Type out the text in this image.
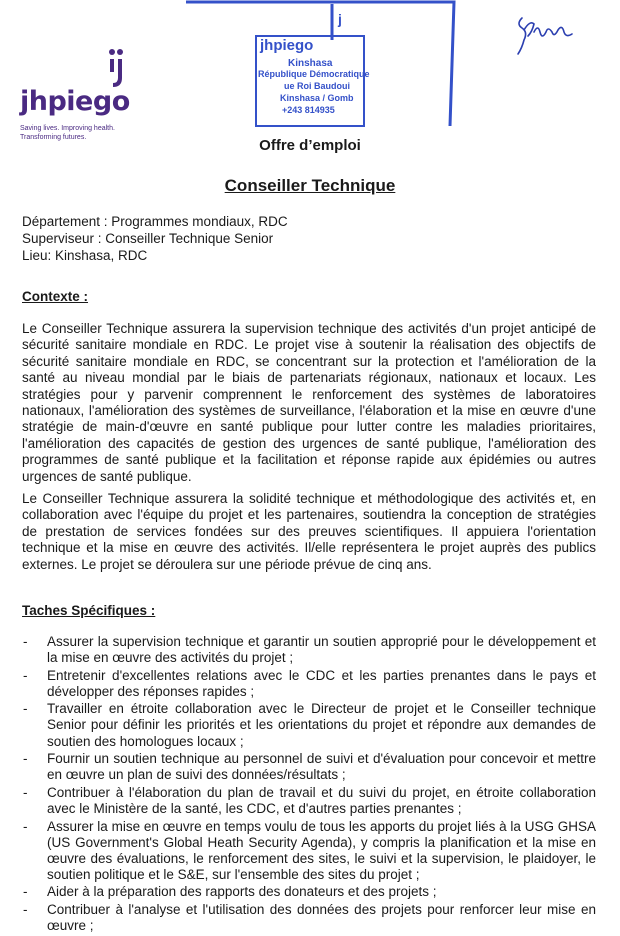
jhpiego
Saving lives. Improving health.
Transforming futures.
j
jhpiego
Kinshasa
République Démocratique
ue Roi Baudoui
Kinshasa / Gomb
+243 814935
Offre d’emploi
Conseiller Technique
Département : Programmes mondiaux, RDC
Superviseur : Conseiller Technique Senior
Lieu: Kinshasa, RDC
Contexte :

Le Conseiller Technique assurera la supervision technique des activités d'un projet anticipé de sécurité sanitaire mondiale en RDC. Le projet vise à soutenir la réalisation des objectifs de sécurité sanitaire mondiale en RDC, se concentrant sur la protection et l'amélioration de la santé au niveau mondial par le biais de partenariats régionaux, nationaux et locaux. Les stratégies pour y parvenir comprennent le renforcement des systèmes de laboratoires nationaux, l'amélioration des systèmes de surveillance, l'élaboration et la mise en œuvre d'une stratégie de main-d'œuvre en santé publique pour lutter contre les maladies prioritaires, l'amélioration des capacités de gestion des urgences de santé publique, l'amélioration des programmes de santé publique et la facilitation et réponse rapide aux épidémies ou autres urgences de santé publique.

Le Conseiller Technique assurera la solidité technique et méthodologique des activités et, en collaboration avec l'équipe du projet et les partenaires, soutiendra la conception de stratégies de prestation de services fondées sur des preuves scientifiques. Il appuiera l'orientation technique et la mise en œuvre des activités. Il/elle représentera le projet auprès des publics externes. Le projet se déroulera sur une période prévue de cinq ans.

Taches Spécifiques :
- Assurer la supervision technique et garantir un soutien approprié pour le développement et la mise en œuvre des activités du projet ;
- Entretenir d'excellentes relations avec le CDC et les parties prenantes dans le pays et développer des réponses rapides ;
- Travailler en étroite collaboration avec le Directeur de projet et le Conseiller technique Senior pour définir les priorités et les orientations du projet et répondre aux demandes de soutien des homologues locaux ;
- Fournir un soutien technique au personnel de suivi et d'évaluation pour concevoir et mettre en œuvre un plan de suivi des données/résultats ;
- Contribuer à l'élaboration du plan de travail et du suivi du projet, en étroite collaboration avec le Ministère de la santé, les CDC, et d'autres parties prenantes ;
- Assurer la mise en œuvre en temps voulu de tous les apports du projet liés à la USG GHSA (US Government's Global Heath Security Agenda), y compris la planification et la mise en œuvre des évaluations, le renforcement des sites, le suivi et la supervision, le plaidoyer, le soutien politique et le S&E, sur l'ensemble des sites du projet ;
- Aider à la préparation des rapports des donateurs et des projets ;
- Contribuer à l'analyse et l'utilisation des données des projets pour renforcer leur mise en œuvre ;
